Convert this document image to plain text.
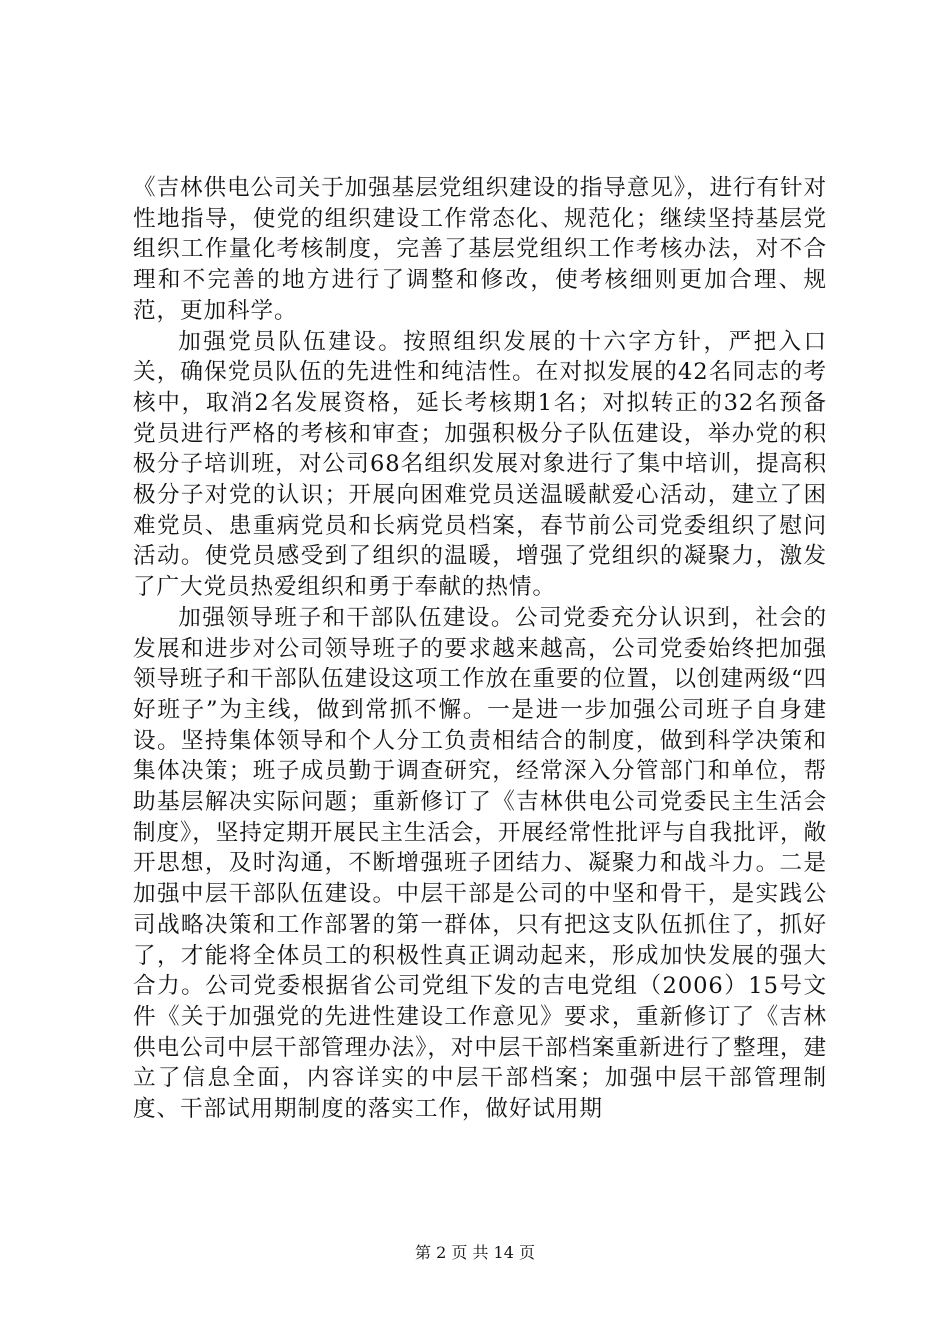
《吉林供电公司关于加强基层党组织建设的指导意见》，进行有针对性地指导，使党的组织建设工作常态化、规范化；继续坚持基层党组织工作量化考核制度，完善了基层党组织工作考核办法，对不合理和不完善的地方进行了调整和修改，使考核细则更加合理、规范，更加科学。

加强党员队伍建设。按照组织发展的十六字方针，严把入口关，确保党员队伍的先进性和纯洁性。在对拟发展的42名同志的考核中，取消2名发展资格，延长考核期1名；对拟转正的32名预备党员进行严格的考核和审查；加强积极分子队伍建设，举办党的积极分子培训班，对公司68名组织发展对象进行了集中培训，提高积极分子对党的认识；开展向困难党员送温暖献爱心活动，建立了困难党员、患重病党员和长病党员档案，春节前公司党委组织了慰问活动。使党员感受到了组织的温暖，增强了党组织的凝聚力，激发了广大党员热爱组织和勇于奉献的热情。

加强领导班子和干部队伍建设。公司党委充分认识到，社会的发展和进步对公司领导班子的要求越来越高，公司党委始终把加强领导班子和干部队伍建设这项工作放在重要的位置，以创建两级“四好班子”为主线，做到常抓不懈。一是进一步加强公司班子自身建设。坚持集体领导和个人分工负责相结合的制度，做到科学决策和集体决策；班子成员勤于调查研究，经常深入分管部门和单位，帮助基层解决实际问题；重新修订了《吉林供电公司党委民主生活会制度》，坚持定期开展民主生活会，开展经常性批评与自我批评，敞开思想，及时沟通，不断增强班子团结力、凝聚力和战斗力。二是加强中层干部队伍建设。中层干部是公司的中坚和骨干，是实践公司战略决策和工作部署的第一群体，只有把这支队伍抓住了，抓好了，才能将全体员工的积极性真正调动起来，形成加快发展的强大合力。公司党委根据省公司党组下发的吉电党组（2006）15号文件《关于加强党的先进性建设工作意见》要求，重新修订了《吉林供电公司中层干部管理办法》，对中层干部档案重新进行了整理，建立了信息全面，内容详实的中层干部档案；加强中层干部管理制度、干部试用期制度的落实工作，做好试用期

第 2 页 共 14 页
